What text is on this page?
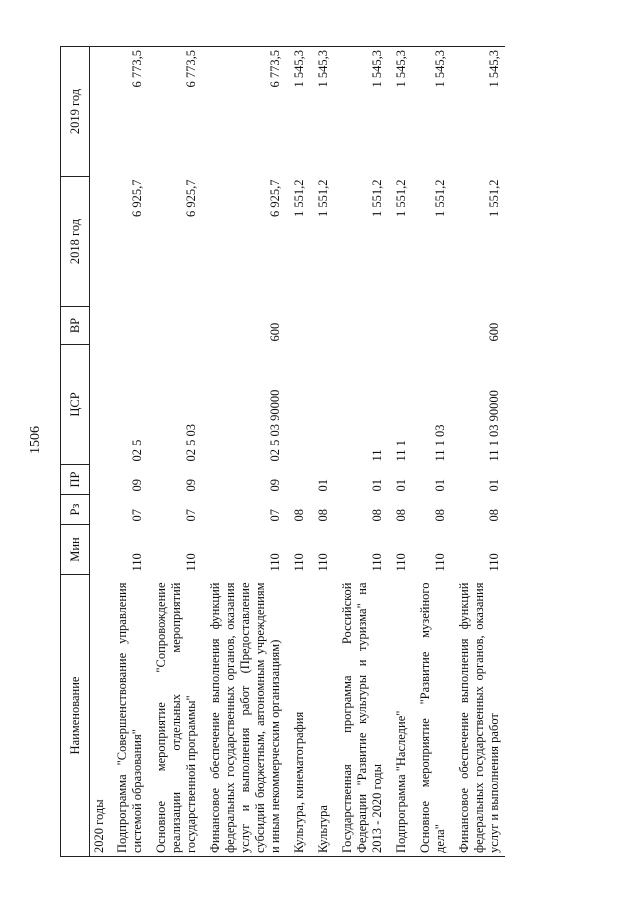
1506
Наименование	Мин	Рз	ПР	ЦСР	ВР	2018 год	2019 год
2020 годы							
Подпрограмма "Совершенствование управления системой образования"	110	07	09	02 5		6 925,7	6 773,5
Основное мероприятие "Сопровождение реализации отдельных мероприятий государственной программы"	110	07	09	02 5 03		6 925,7	6 773,5
Финансовое обеспечение выполнения функций федеральных государственных органов, оказания услуг и выполнения работ (Предоставление субсидий бюджетным, автономным учреждениям и иным некоммерческим организациям)	110	07	09	02 5 03 90000	600	6 925,7	6 773,5
Культура, кинематография	110	08				1 551,2	1 545,3
Культура	110	08	01			1 551,2	1 545,3
Государственная программа Российской Федерации "Развитие культуры и туризма" на 2013 - 2020 годы	110	08	01	11		1 551,2	1 545,3
Подпрограмма "Наследие"	110	08	01	11 1		1 551,2	1 545,3
Основное мероприятие "Развитие музейного дела"	110	08	01	11 1 03		1 551,2	1 545,3
Финансовое обеспечение выполнения функций федеральных государственных органов, оказания услуг и выполнения работ	110	08	01	11 1 03 90000	600	1 551,2	1 545,3
